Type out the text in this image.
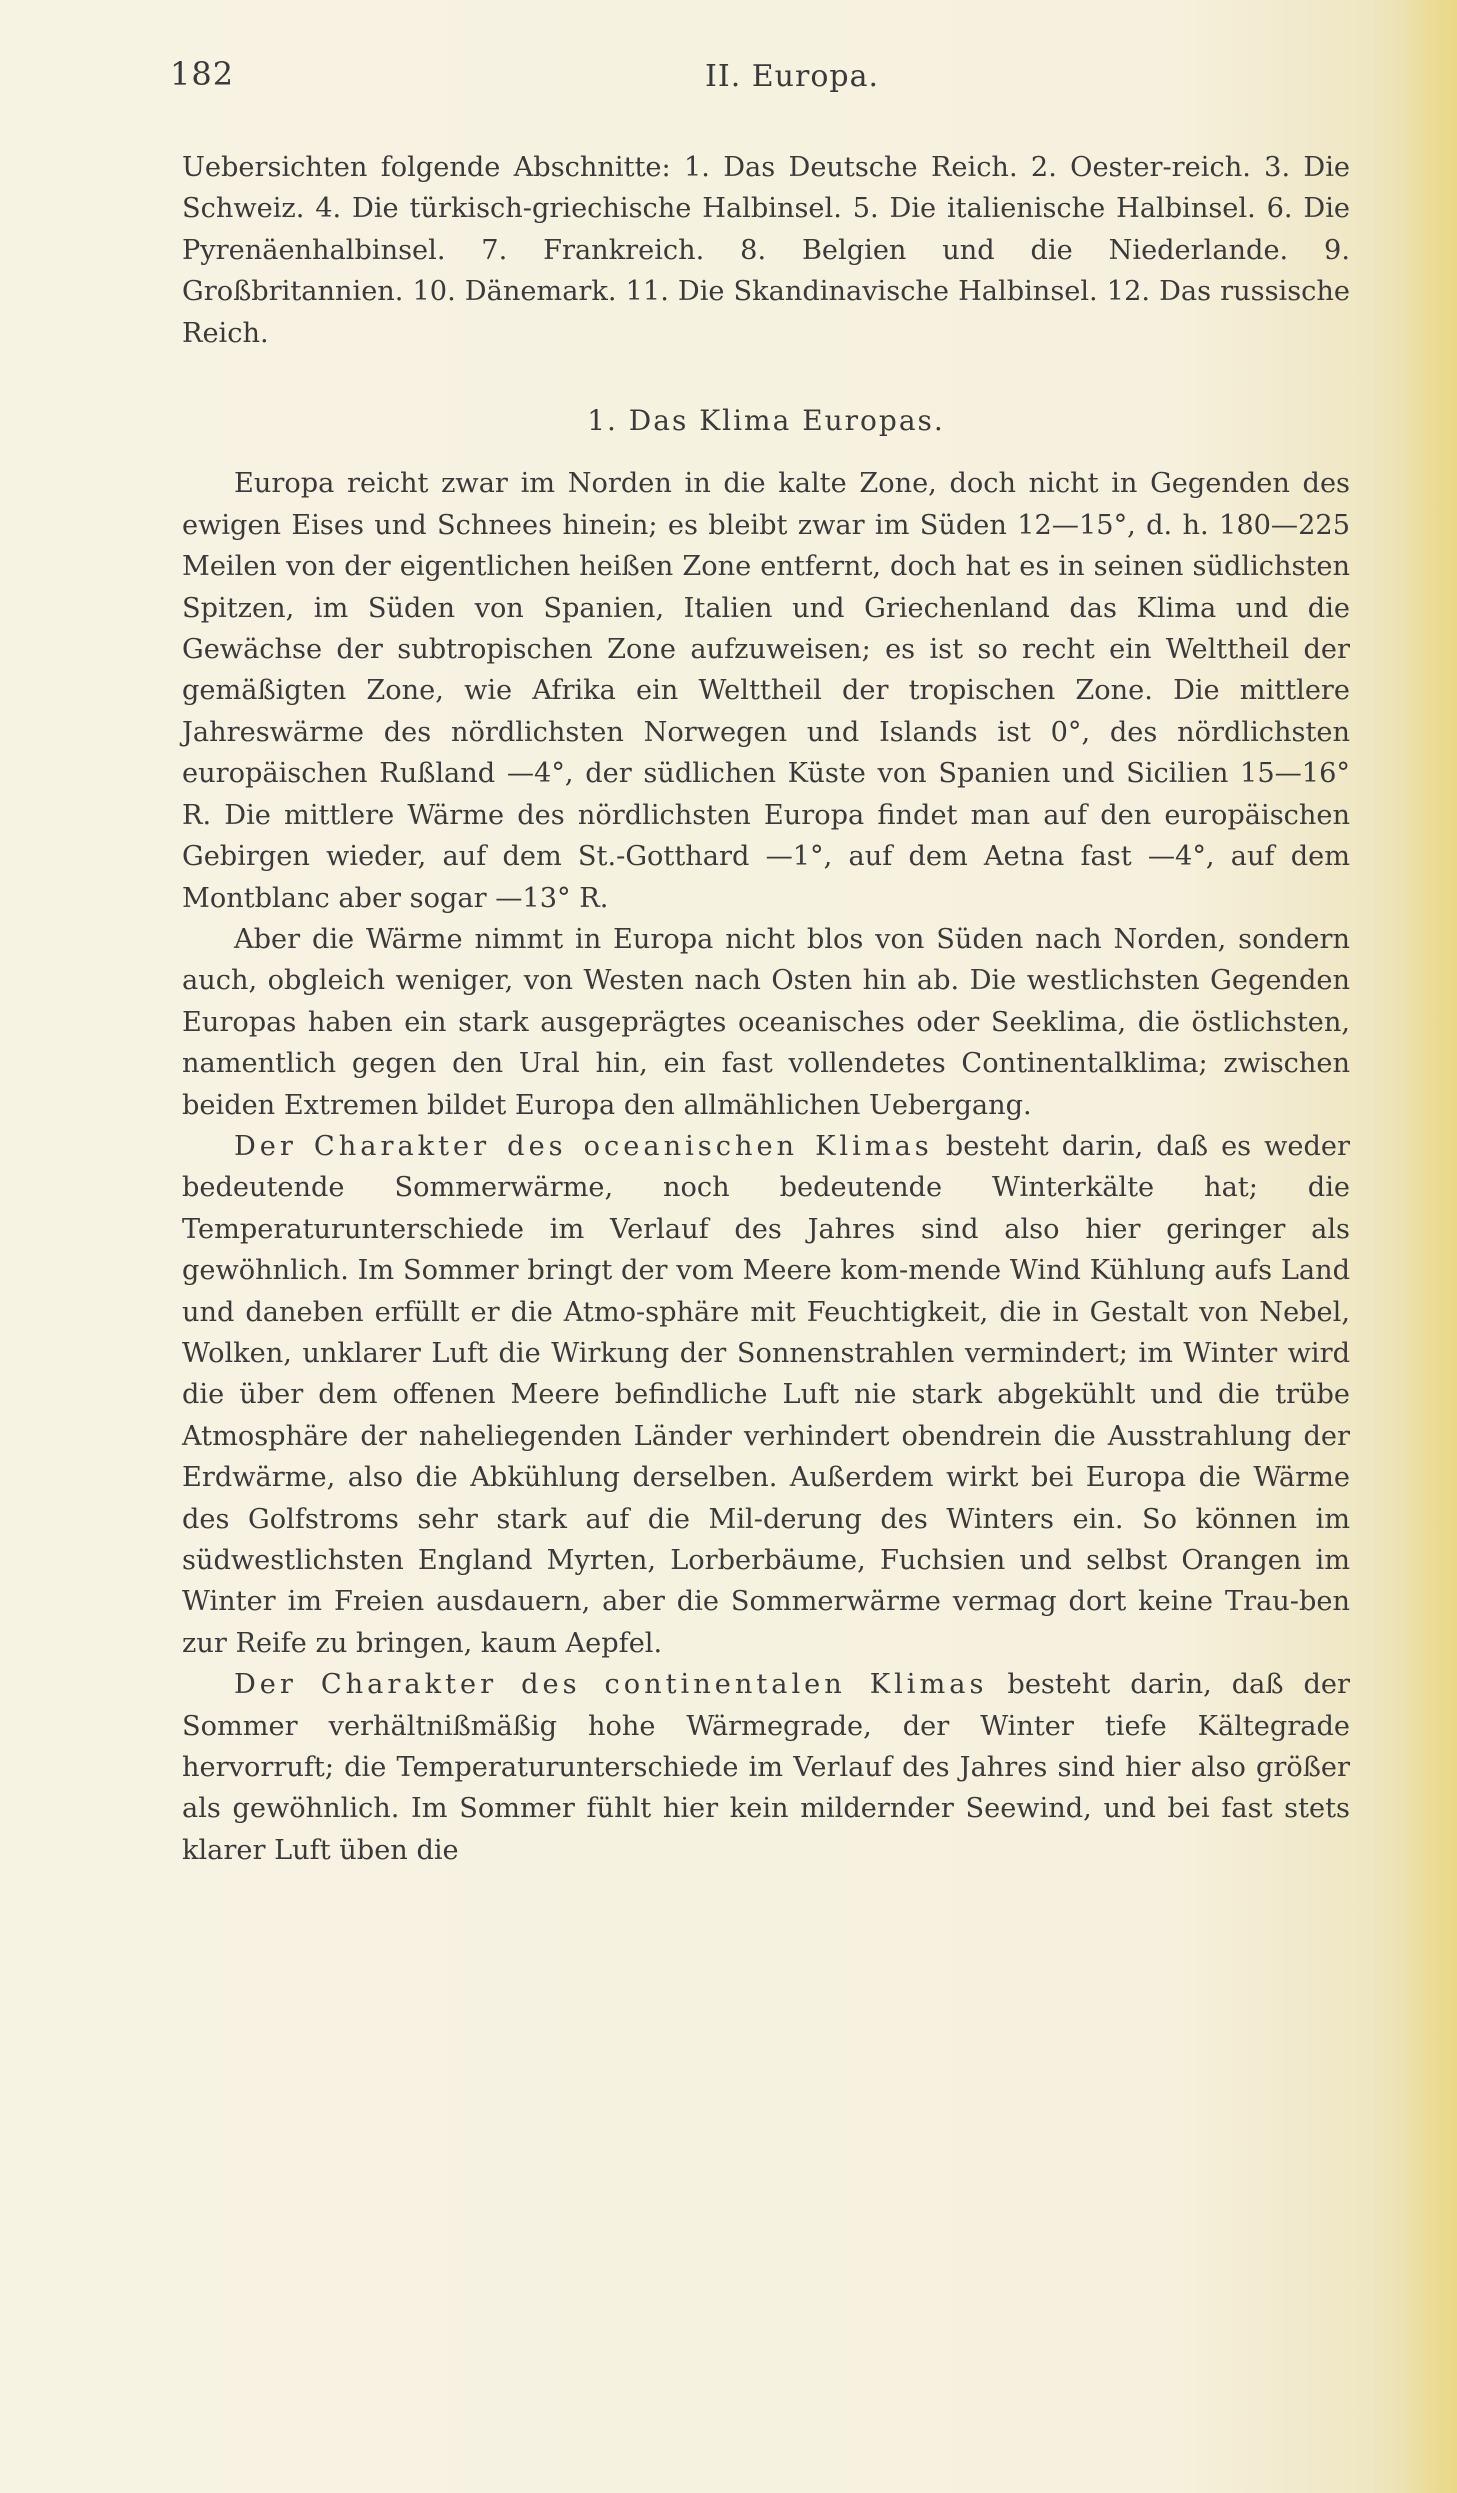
182	II. Europa.

Uebersichten folgende Abschnitte: 1. Das Deutsche Reich. 2. Oester-reich. 3. Die Schweiz. 4. Die türkisch-griechische Halbinsel. 5. Die italienische Halbinsel. 6. Die Pyrenäenhalbinsel. 7. Frankreich. 8. Belgien und die Niederlande. 9. Großbritannien. 10. Dänemark. 11. Die Skandinavische Halbinsel. 12. Das russische Reich.

1. Das Klima Europas.

Europa reicht zwar im Norden in die kalte Zone, doch nicht in Gegenden des ewigen Eises und Schnees hinein; es bleibt zwar im Süden 12—15°, d. h. 180—225 Meilen von der eigentlichen heißen Zone entfernt, doch hat es in seinen südlichsten Spitzen, im Süden von Spanien, Italien und Griechenland das Klima und die Gewächse der subtropischen Zone aufzuweisen; es ist so recht ein Welttheil der gemäßigten Zone, wie Afrika ein Welttheil der tropischen Zone. Die mittlere Jahreswärme des nördlichsten Norwegen und Islands ist 0°, des nördlichsten europäischen Rußland —4°, der südlichen Küste von Spanien und Sicilien 15—16° R. Die mittlere Wärme des nördlichsten Europa findet man auf den europäischen Gebirgen wieder, auf dem St.-Gotthard —1°, auf dem Aetna fast —4°, auf dem Montblanc aber sogar —13° R.

Aber die Wärme nimmt in Europa nicht blos von Süden nach Norden, sondern auch, obgleich weniger, von Westen nach Osten hin ab. Die westlichsten Gegenden Europas haben ein stark ausgeprägtes oceanisches oder Seeklima, die östlichsten, namentlich gegen den Ural hin, ein fast vollendetes Continentalklima; zwischen beiden Extremen bildet Europa den allmählichen Uebergang.

Der Charakter des oceanischen Klimas besteht darin, daß es weder bedeutende Sommerwärme, noch bedeutende Winterkälte hat; die Temperaturunterschiede im Verlauf des Jahres sind also hier geringer als gewöhnlich. Im Sommer bringt der vom Meere kom-mende Wind Kühlung aufs Land und daneben erfüllt er die Atmo-sphäre mit Feuchtigkeit, die in Gestalt von Nebel, Wolken, unklarer Luft die Wirkung der Sonnenstrahlen vermindert; im Winter wird die über dem offenen Meere befindliche Luft nie stark abgekühlt und die trübe Atmosphäre der naheliegenden Länder verhindert obendrein die Ausstrahlung der Erdwärme, also die Abkühlung derselben. Außerdem wirkt bei Europa die Wärme des Golfstroms sehr stark auf die Mil-derung des Winters ein. So können im südwestlichsten England Myrten, Lorberbäume, Fuchsien und selbst Orangen im Winter im Freien ausdauern, aber die Sommerwärme vermag dort keine Trau-ben zur Reife zu bringen, kaum Aepfel.

Der Charakter des continentalen Klimas besteht darin, daß der Sommer verhältnißmäßig hohe Wärmegrade, der Winter tiefe Kältegrade hervorruft; die Temperaturunterschiede im Verlauf des Jahres sind hier also größer als gewöhnlich. Im Sommer fühlt hier kein mildernder Seewind, und bei fast stets klarer Luft üben die
